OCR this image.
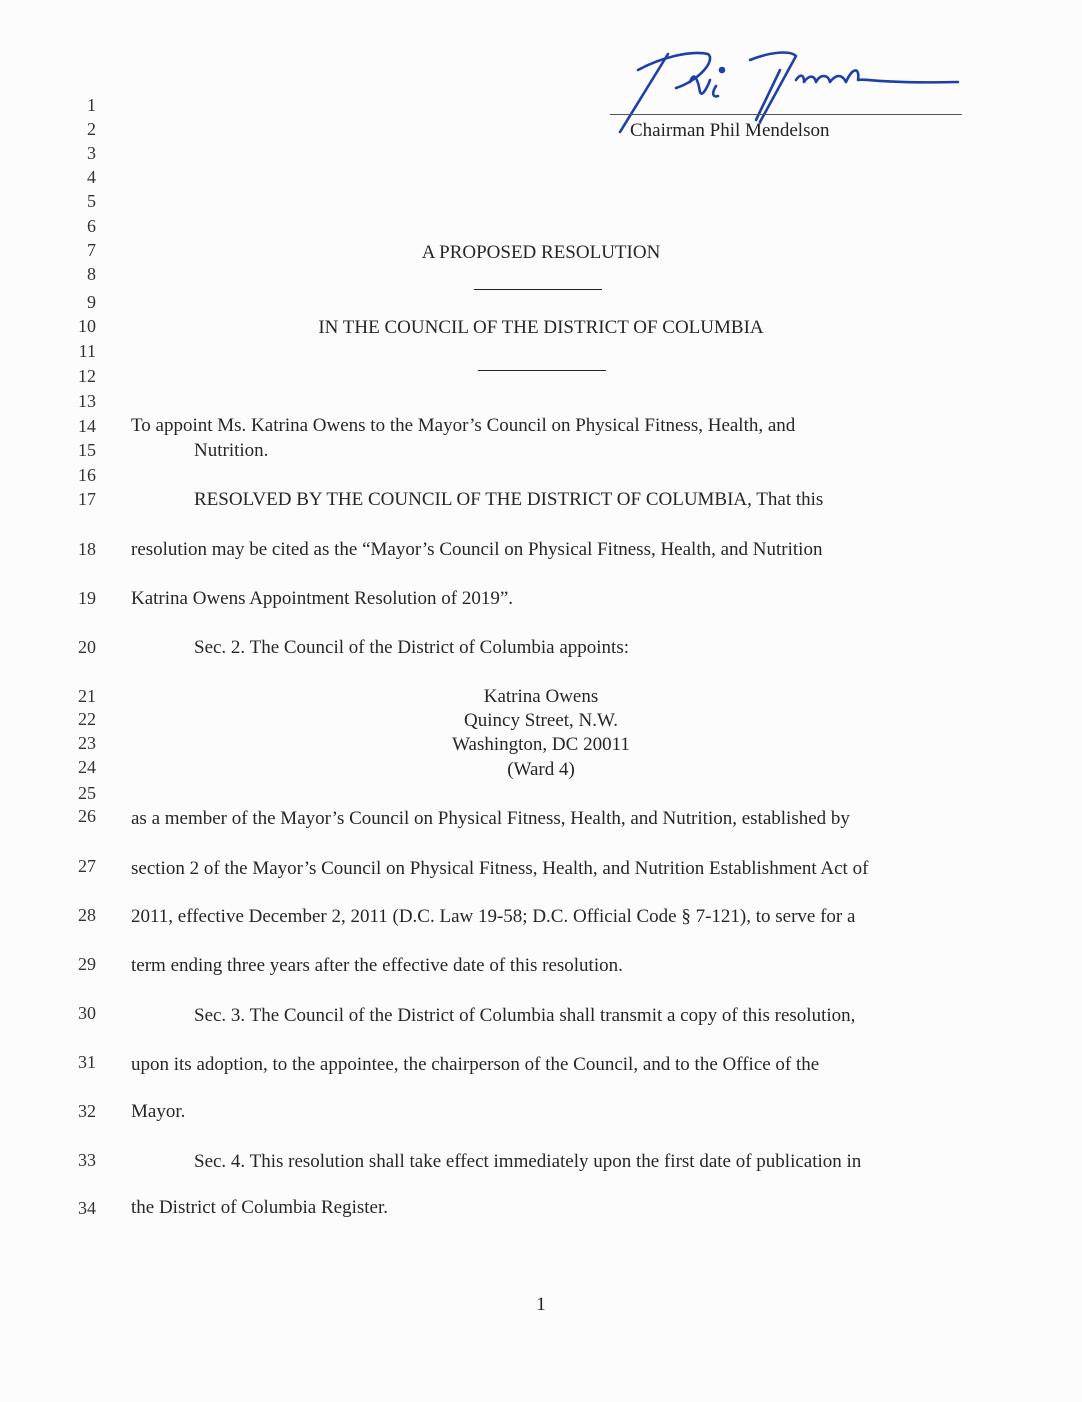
Chairman Phil Mendelson
1
2
3
4
5
6
7
8
9
10
11
12
13
14
15
16
17
18
19
20
21
22
23
24
25
26
27
28
29
30
31
32
33
34
A PROPOSED RESOLUTION
IN THE COUNCIL OF THE DISTRICT OF COLUMBIA
To appoint Ms. Katrina Owens to the Mayor’s Council on Physical Fitness, Health, and
Nutrition.
RESOLVED BY THE COUNCIL OF THE DISTRICT OF COLUMBIA, That this
resolution may be cited as the “Mayor’s Council on Physical Fitness, Health, and Nutrition
Katrina Owens Appointment Resolution of 2019”.
Sec. 2. The Council of the District of Columbia appoints:
Katrina Owens
Quincy Street, N.W.
Washington, DC 20011
(Ward 4)
as a member of the Mayor’s Council on Physical Fitness, Health, and Nutrition, established by
section 2 of the Mayor’s Council on Physical Fitness, Health, and Nutrition Establishment Act of
2011, effective December 2, 2011 (D.C. Law 19-58; D.C. Official Code § 7-121), to serve for a
term ending three years after the effective date of this resolution.
Sec. 3. The Council of the District of Columbia shall transmit a copy of this resolution,
upon its adoption, to the appointee, the chairperson of the Council, and to the Office of the
Mayor.
Sec. 4. This resolution shall take effect immediately upon the first date of publication in
the District of Columbia Register.
1
